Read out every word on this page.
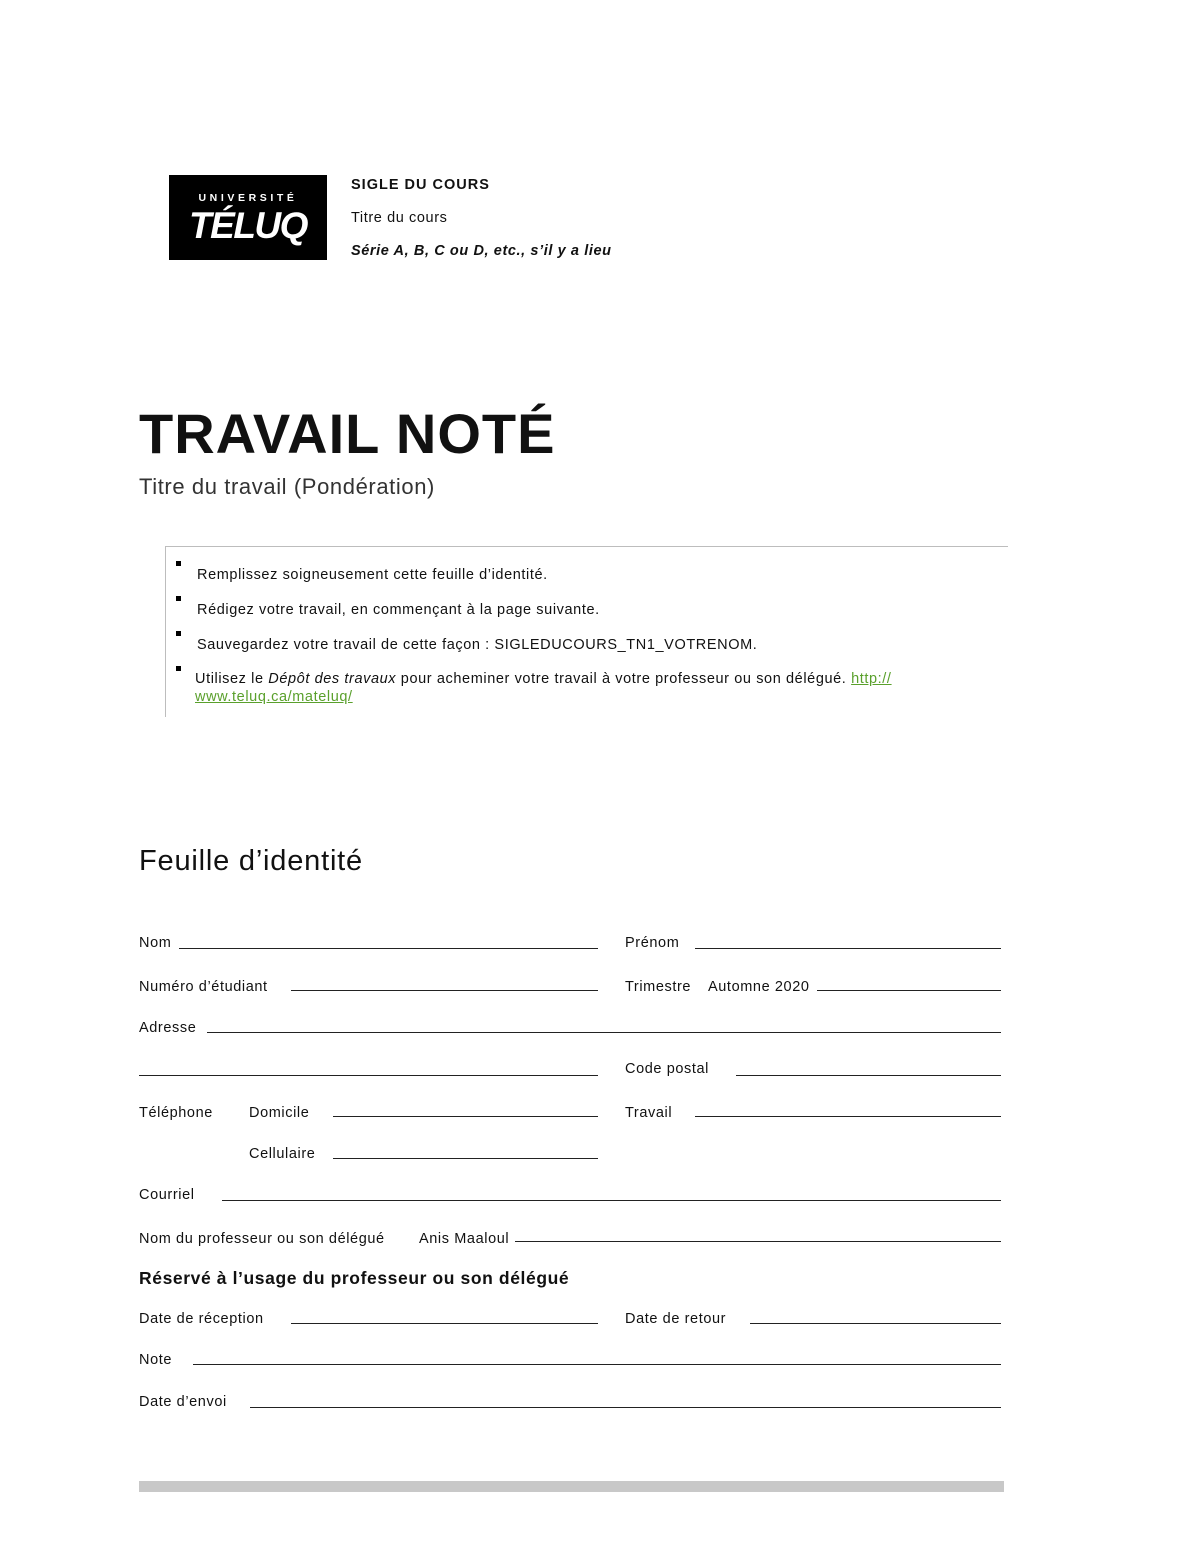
UNIVERSITÉ
TÉLUQ
SIGLE DU COURS
Titre du cours
Série A, B, C ou D, etc., s’il y a lieu
TRAVAIL NOTÉ
Titre du travail (Pondération)
Remplissez soigneusement cette feuille d’identité.
Rédigez votre travail, en commençant à la page suivante.
Sauvegardez votre travail de cette façon : SIGLEDUCOURS_TN1_VOTRENOM.
Utilisez le Dépôt des travaux pour acheminer votre travail à votre professeur ou son délégué. http://
www.teluq.ca/mateluq/
Feuille d’identité
Nom	Prénom
Numéro d’étudiant	Trimestre Automne 2020
Adresse
Code postal
Téléphone Domicile	Travail
Cellulaire
Courriel
Nom du professeur ou son délégué Anis Maaloul
Réservé à l’usage du professeur ou son délégué
Date de réception	Date de retour
Note
Date d’envoi
